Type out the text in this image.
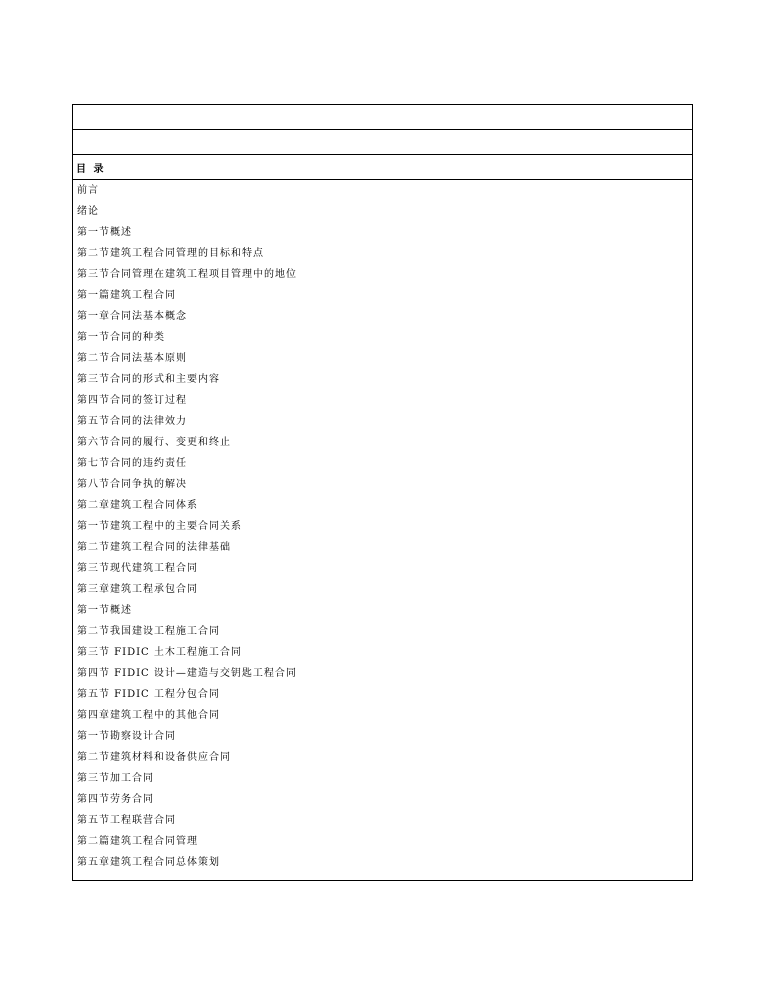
目 录
前言
绪论
第一节概述
第二节建筑工程合同管理的目标和特点
第三节合同管理在建筑工程项目管理中的地位
第一篇建筑工程合同
第一章合同法基本概念
第一节合同的种类
第二节合同法基本原则
第三节合同的形式和主要内容
第四节合同的签订过程
第五节合同的法律效力
第六节合同的履行、变更和终止
第七节合同的违约责任
第八节合同争执的解决
第二章建筑工程合同体系
第一节建筑工程中的主要合同关系
第二节建筑工程合同的法律基础
第三节现代建筑工程合同
第三章建筑工程承包合同
第一节概述
第二节我国建设工程施工合同
第三节 FIDIC 土木工程施工合同
第四节 FIDIC 设计—建造与交钥匙工程合同
第五节 FIDIC 工程分包合同
第四章建筑工程中的其他合同
第一节勘察设计合同
第二节建筑材料和设备供应合同
第三节加工合同
第四节劳务合同
第五节工程联营合同
第二篇建筑工程合同管理
第五章建筑工程合同总体策划
